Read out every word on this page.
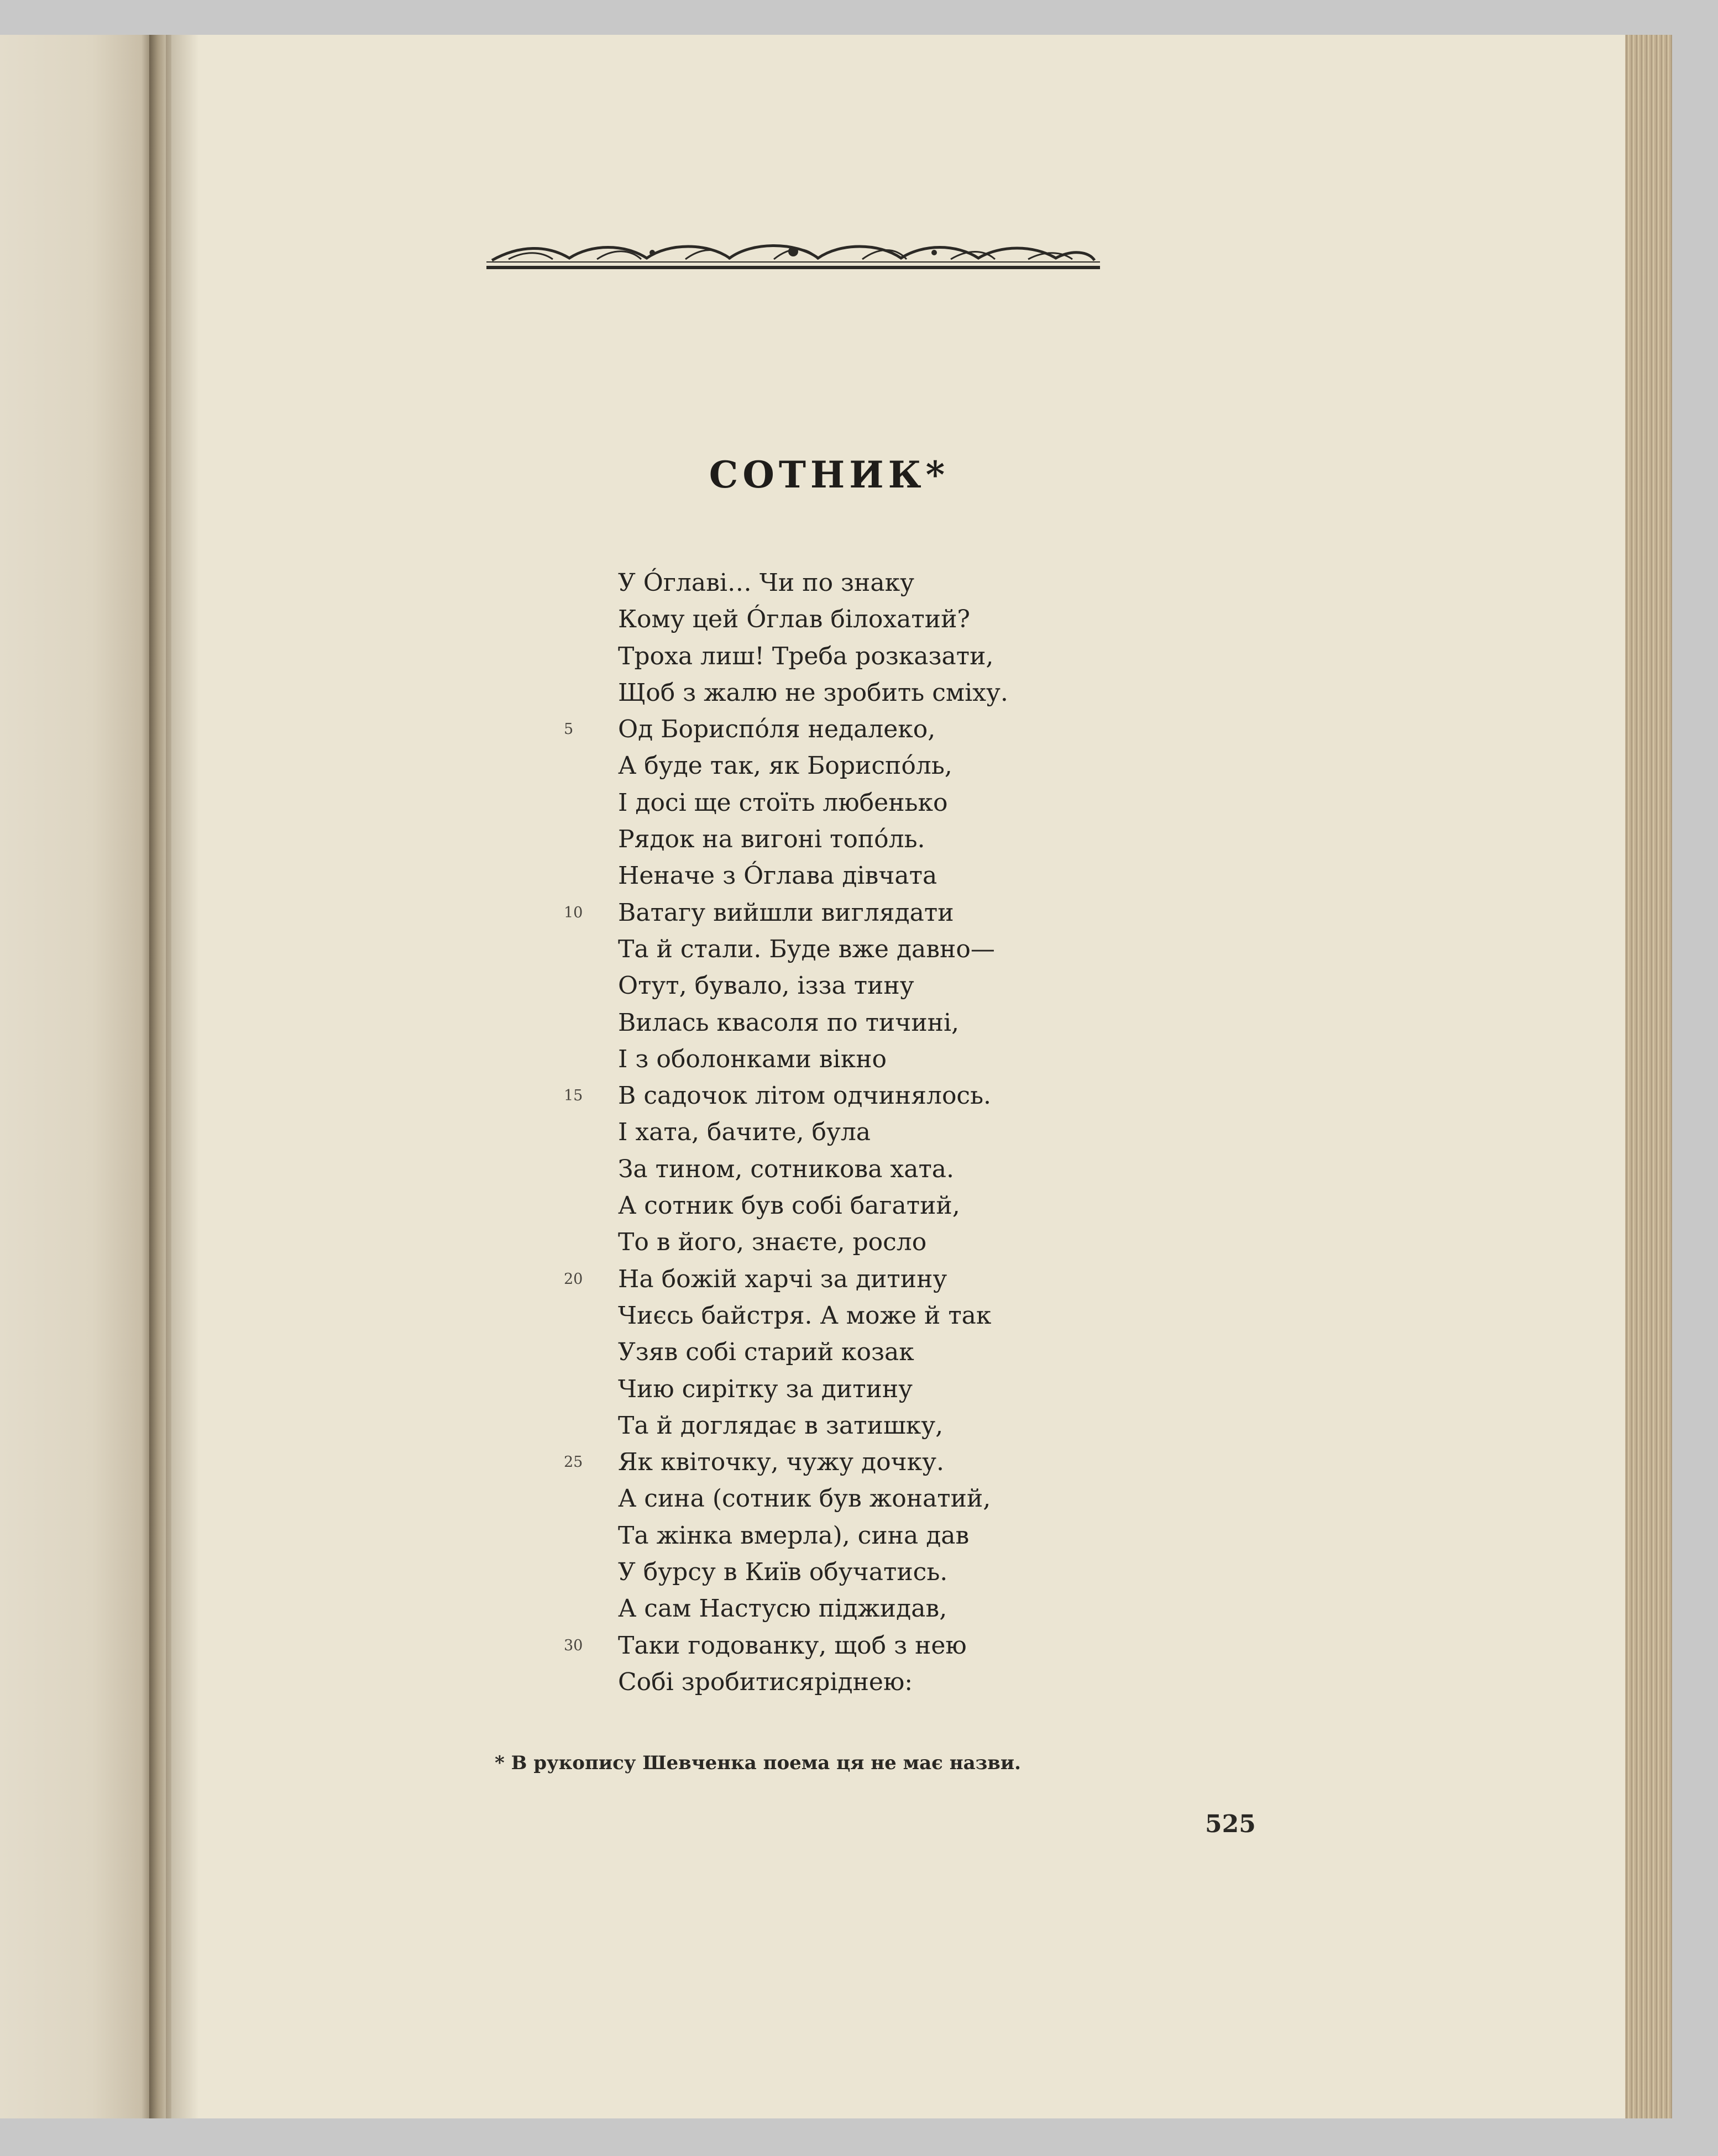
СОТНИК*
У Óглаві… Чи по знаку
Кому цей Óглав білохатий?
Троха лиш! Треба розказати,
Щоб з жалю не зробить сміху.
5	Од Бориспóля недалеко,
А буде так, як Бориспóль,
І досі ще стоїть любенько
Рядок на вигоні топóль.
Неначе з Óглава дівчата
10	Ватагу вийшли виглядати
Та й стали. Буде вже давно—
Отут, бувало, ізза тину
Вилась квасоля по тичині,
І з оболонками вікно
15	В садочок літом одчинялось.
І хата, бачите, була
За тином, сотникова хата.
А сотник був собі багатий,
То в його, знаєте, росло
20	На божій харчі за дитину
Чиєсь байстря. А може й так
Узяв собі старий козак
Чию сирітку за дитину
Та й доглядає в затишку,
25	Як квіточку, чужу дочку.
А сина (сотник був жонатий,
Та жінка вмерла), сина дав
У бурсу в Київ обучатись.
А сам Настусю піджидав,
30	Таки годованку, щоб з нею
Собі зробитисяріднею:
* В рукопису Шевченка поема ця не має назви.
525
